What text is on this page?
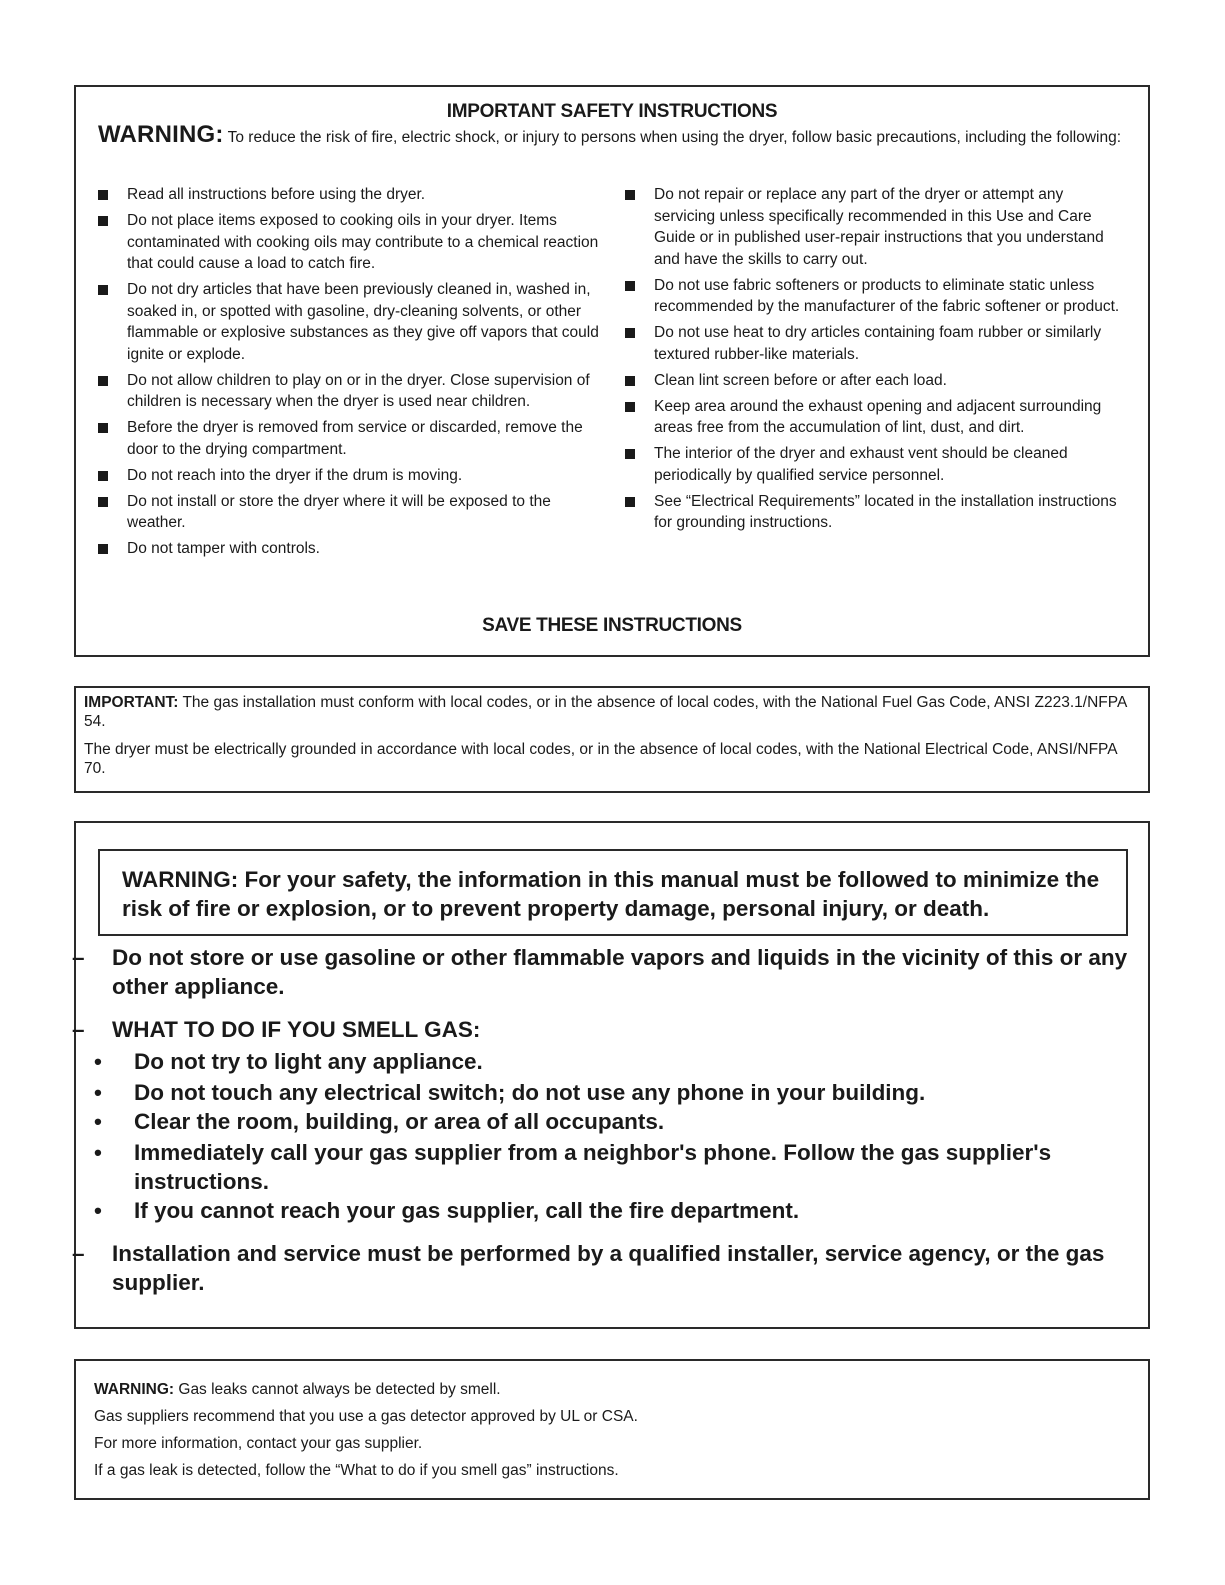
IMPORTANT SAFETY INSTRUCTIONS
WARNING: To reduce the risk of fire, electric shock, or injury to persons when using the dryer, follow basic precautions, including the following:
Read all instructions before using the dryer.
Do not place items exposed to cooking oils in your dryer. Items contaminated with cooking oils may contribute to a chemical reaction that could cause a load to catch fire.
Do not dry articles that have been previously cleaned in, washed in, soaked in, or spotted with gasoline, dry-cleaning solvents, or other flammable or explosive substances as they give off vapors that could ignite or explode.
Do not allow children to play on or in the dryer. Close supervision of children is necessary when the dryer is used near children.
Before the dryer is removed from service or discarded, remove the door to the drying compartment.
Do not reach into the dryer if the drum is moving.
Do not install or store the dryer where it will be exposed to the weather.
Do not tamper with controls.
Do not repair or replace any part of the dryer or attempt any servicing unless specifically recommended in this Use and Care Guide or in published user-repair instructions that you understand and have the skills to carry out.
Do not use fabric softeners or products to eliminate static unless recommended by the manufacturer of the fabric softener or product.
Do not use heat to dry articles containing foam rubber or similarly textured rubber-like materials.
Clean lint screen before or after each load.
Keep area around the exhaust opening and adjacent surrounding areas free from the accumulation of lint, dust, and dirt.
The interior of the dryer and exhaust vent should be cleaned periodically by qualified service personnel.
See “Electrical Requirements” located in the installation instructions for grounding instructions.
SAVE THESE INSTRUCTIONS

IMPORTANT: The gas installation must conform with local codes, or in the absence of local codes, with the National Fuel Gas Code, ANSI Z223.1/NFPA 54.

The dryer must be electrically grounded in accordance with local codes, or in the absence of local codes, with the National Electrical Code, ANSI/NFPA 70.

WARNING: For your safety, the information in this manual must be followed to minimize the risk of fire or explosion, or to prevent property damage, personal injury, or death.
– Do not store or use gasoline or other flammable vapors and liquids in the vicinity of this or any other appliance.
– WHAT TO DO IF YOU SMELL GAS:
• Do not try to light any appliance.
• Do not touch any electrical switch; do not use any phone in your building.
• Clear the room, building, or area of all occupants.
• Immediately call your gas supplier from a neighbor's phone. Follow the gas supplier's instructions.
• If you cannot reach your gas supplier, call the fire department.
– Installation and service must be performed by a qualified installer, service agency, or the gas supplier.

WARNING: Gas leaks cannot always be detected by smell.

Gas suppliers recommend that you use a gas detector approved by UL or CSA.

For more information, contact your gas supplier.

If a gas leak is detected, follow the “What to do if you smell gas” instructions.
